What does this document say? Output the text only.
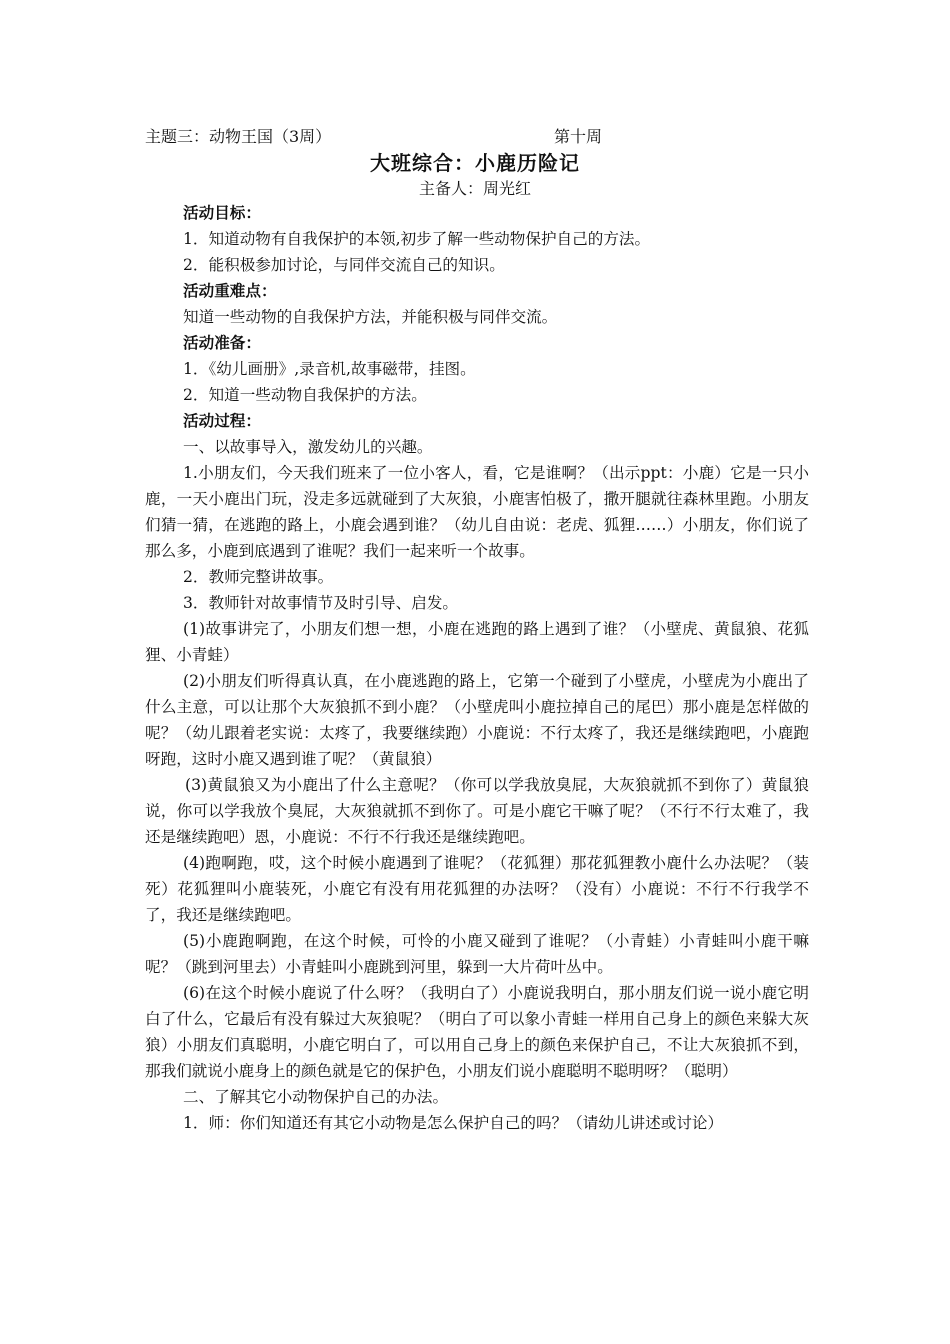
主题三：动物王国（3周）	第十周
大班综合：小鹿历险记
主备人：周光红

活动目标：

1．知道动物有自我保护的本领,初步了解一些动物保护自己的方法。

2．能积极参加讨论，与同伴交流自己的知识。

活动重难点：

知道一些动物的自我保护方法，并能积极与同伴交流。

活动准备：

1．《幼儿画册》,录音机,故事磁带，挂图。

2．知道一些动物自我保护的方法。

活动过程：

一、以故事导入，激发幼儿的兴趣。

1.小朋友们，今天我们班来了一位小客人，看，它是谁啊？（出示ppt：小鹿）它是一只小鹿，一天小鹿出门玩，没走多远就碰到了大灰狼，小鹿害怕极了，撒开腿就往森林里跑。小朋友们猜一猜，在逃跑的路上，小鹿会遇到谁？（幼儿自由说：老虎、狐狸……）小朋友，你们说了那么多，小鹿到底遇到了谁呢？我们一起来听一个故事。

2．教师完整讲故事。

3．教师针对故事情节及时引导、启发。

(1)故事讲完了，小朋友们想一想，小鹿在逃跑的路上遇到了谁？（小壁虎、黄鼠狼、花狐狸、小青蛙）

(2)小朋友们听得真认真，在小鹿逃跑的路上，它第一个碰到了小壁虎，小壁虎为小鹿出了什么主意，可以让那个大灰狼抓不到小鹿？（小壁虎叫小鹿拉掉自己的尾巴）那小鹿是怎样做的呢？（幼儿跟着老实说：太疼了，我要继续跑）小鹿说：不行太疼了，我还是继续跑吧，小鹿跑呀跑，这时小鹿又遇到谁了呢？（黄鼠狼）

(3)黄鼠狼又为小鹿出了什么主意呢？（你可以学我放臭屁，大灰狼就抓不到你了）黄鼠狼说，你可以学我放个臭屁，大灰狼就抓不到你了。可是小鹿它干嘛了呢？（不行不行太难了，我还是继续跑吧）恩，小鹿说：不行不行我还是继续跑吧。

(4)跑啊跑，哎，这个时候小鹿遇到了谁呢？（花狐狸）那花狐狸教小鹿什么办法呢？（装死）花狐狸叫小鹿装死，小鹿它有没有用花狐狸的办法呀？（没有）小鹿说：不行不行我学不了，我还是继续跑吧。

(5)小鹿跑啊跑，在这个时候，可怜的小鹿又碰到了谁呢？（小青蛙）小青蛙叫小鹿干嘛呢？（跳到河里去）小青蛙叫小鹿跳到河里，躲到一大片荷叶丛中。

(6)在这个时候小鹿说了什么呀？（我明白了）小鹿说我明白，那小朋友们说一说小鹿它明白了什么，它最后有没有躲过大灰狼呢？（明白了可以象小青蛙一样用自己身上的颜色来躲大灰狼）小朋友们真聪明，小鹿它明白了，可以用自己身上的颜色来保护自己，不让大灰狼抓不到，那我们就说小鹿身上的颜色就是它的保护色，小朋友们说小鹿聪明不聪明呀？（聪明）

二、了解其它小动物保护自己的办法。

1．师：你们知道还有其它小动物是怎么保护自己的吗？（请幼儿讲述或讨论）
